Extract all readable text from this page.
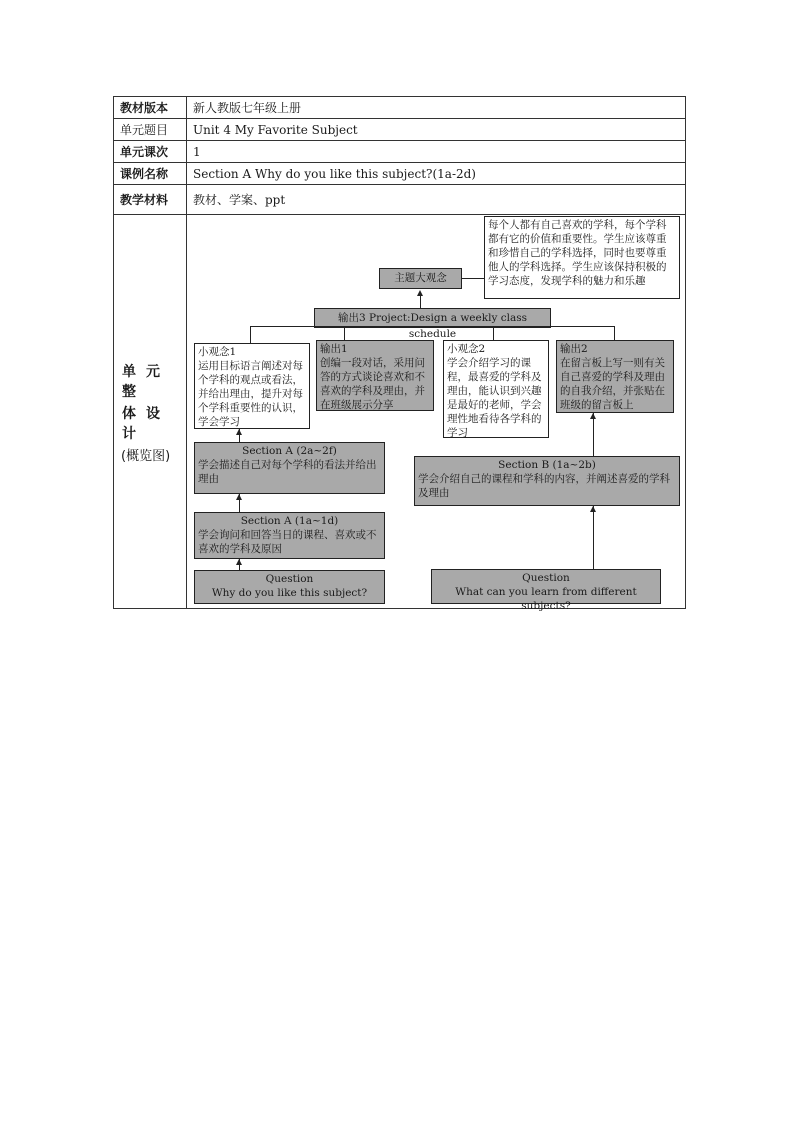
教材版本	新人教版七年级上册
单元题目	Unit 4 My Favorite Subject
单元课次	1
课例名称	Section A Why do you like this subject?(1a-2d)
教学材料	教材、学案、ppt
单元整
体设计
(概览图)
每个人都有自己喜欢的学科，每个学科都有它的价值和重要性。学生应该尊重和珍惜自己的学科选择，同时也要尊重他人的学科选择。学生应该保持积极的学习态度，发现学科的魅力和乐趣
主题大观念
输出3 Project:Design a weekly class schedule
小观念1
运用目标语言阐述对每个学科的观点或看法，并给出理由，提升对每个学科重要性的认识，学会学习
输出1
创编一段对话，采用问答的方式谈论喜欢和不喜欢的学科及理由，并在班级展示分享
小观念2
学会介绍学习的课程，最喜爱的学科及理由，能认识到兴趣是最好的老师，学会理性地看待各学科的学习
输出2
在留言板上写一则有关自己喜爱的学科及理由的自我介绍，并张贴在班级的留言板上
Section A (2a~2f)
学会描述自己对每个学科的看法并给出理由
Section B (1a~2b)
学会介绍自己的课程和学科的内容，并阐述喜爱的学科及理由
Section A (1a~1d)
学会询问和回答当日的课程、喜欢或不喜欢的学科及原因
Question
Why do you like this subject?
Question
What can you learn from different subjects?
